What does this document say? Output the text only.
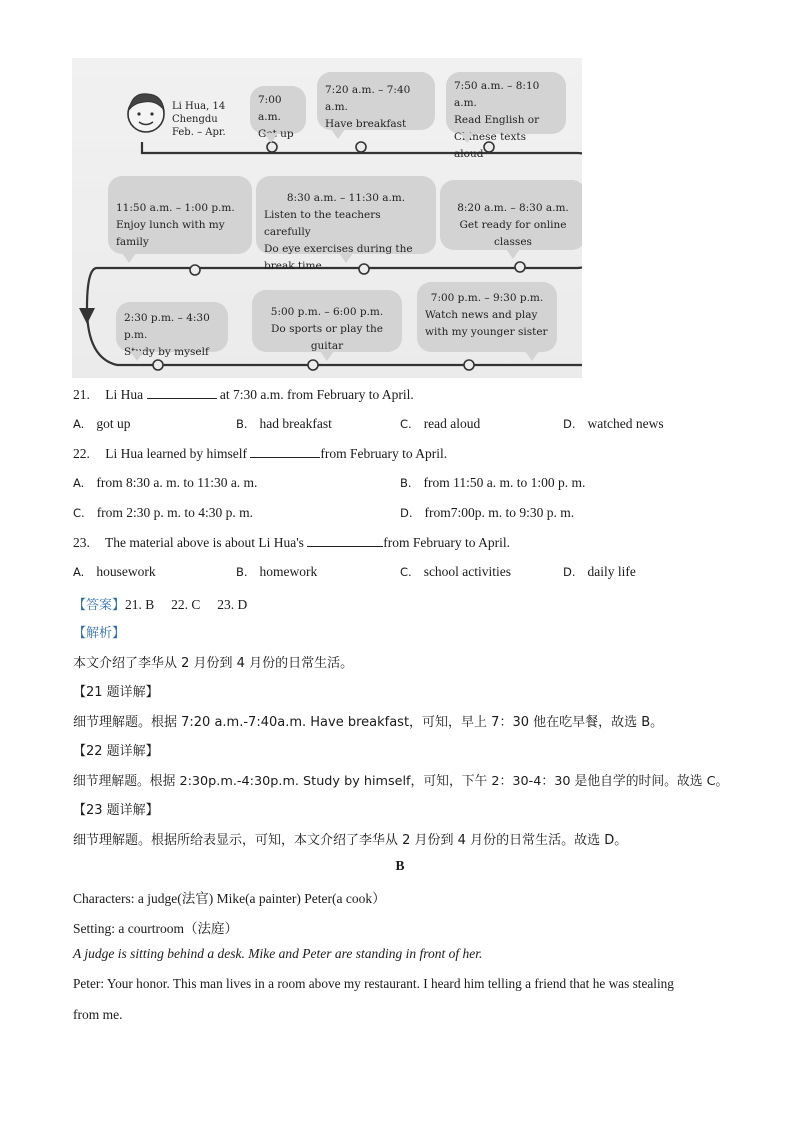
Li Hua, 14
Chengdu
Feb. – Apr.
7:00 a.m.
Get up
7:20 a.m. – 7:40 a.m.
Have breakfast
7:50 a.m. – 8:10 a.m.
Read English or
Chinese texts aloud
11:50 a.m. – 1:00 p.m.
Enjoy lunch with my family
8:30 a.m. – 11:30 a.m.
Listen to the teachers carefully
Do eye exercises during the break time
8:20 a.m. – 8:30 a.m.
Get ready for online classes
2:30 p.m. – 4:30 p.m.
Study by myself
5:00 p.m. – 6:00 p.m.
Do sports or play the guitar
7:00 p.m. – 9:30 p.m.
Watch news and play
with my younger sister
21. Li Hua	at 7:30 a.m. from February to April.
A. got up	B. had breakfast	C. read aloud	D. watched news
22. Li Hua learned by himself	from February to April.
A. from 8:30 a. m. to 11:30 a. m.	B. from 11:50 a. m. to 1:00 p. m.
C. from 2:30 p. m. to 4:30 p. m.	D. from7:00p. m. to 9:30 p. m.
23. The material above is about Li Hua's	from February to April.
A. housework	B. homework	C. school activities	D. daily life
【答案】21. B　 22. C　 23. D
【解析】
本文介绍了李华从 2 月份到 4 月份的日常生活。
【21 题详解】
细节理解题。根据 7:20 a.m.-7:40a.m. Have breakfast，可知，早上 7：30 他在吃早餐，故选 B。
【22 题详解】
细节理解题。根据 2:30p.m.-4:30p.m. Study by himself，可知，下午 2：30-4：30 是他自学的时间。故选 C。
【23 题详解】
细节理解题。根据所给表显示，可知，本文介绍了李华从 2 月份到 4 月份的日常生活。故选 D。
B
Characters: a judge(法官) Mike(a painter) Peter(a cook）
Setting: a courtroom（法庭）
A judge is sitting behind a desk. Mike and Peter are standing in front of her.
Peter: Your honor. This man lives in a room above my restaurant. I heard him telling a friend that he was stealing
from me.
